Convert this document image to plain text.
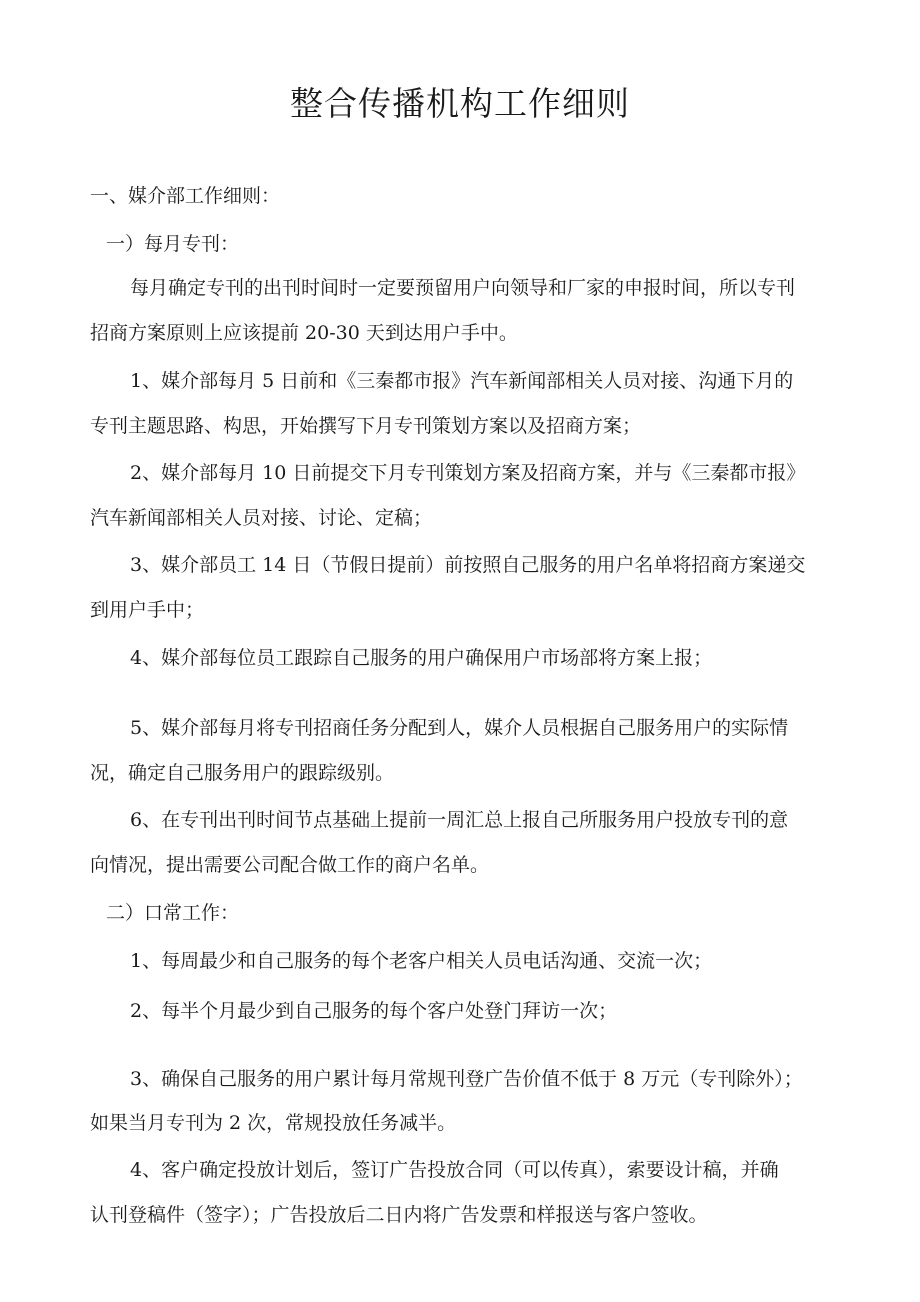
整合传播机构工作细则

一、媒介部工作细则：

一）每月专刊：

每月确定专刊的出刊时间时一定要预留用户向领导和厂家的申报时间，所以专刊

招商方案原则上应该提前 20-30 天到达用户手中。

1、媒介部每月 5 日前和《三秦都市报》汽车新闻部相关人员对接、沟通下月的

专刊主题思路、构思，开始撰写下月专刊策划方案以及招商方案；

2、媒介部每月 10 日前提交下月专刊策划方案及招商方案，并与《三秦都市报》

汽车新闻部相关人员对接、讨论、定稿；

3、媒介部员工 14 日（节假日提前）前按照自己服务的用户名单将招商方案递交

到用户手中；

4、媒介部每位员工跟踪自己服务的用户确保用户市场部将方案上报；

5、媒介部每月将专刊招商任务分配到人，媒介人员根据自己服务用户的实际情

况，确定自己服务用户的跟踪级别。

6、在专刊出刊时间节点基础上提前一周汇总上报自己所服务用户投放专刊的意

向情况，提出需要公司配合做工作的商户名单。

二）口常工作：

1、每周最少和自己服务的每个老客户相关人员电话沟通、交流一次；

2、每半个月最少到自己服务的每个客户处登门拜访一次；

3、确保自己服务的用户累计每月常规刊登广告价值不低于 8 万元（专刊除外）；

如果当月专刊为 2 次，常规投放任务减半。

4、客户确定投放计划后，签订广告投放合同（可以传真），索要设计稿，并确

认刊登稿件（签字）；广告投放后二日内将广告发票和样报送与客户签收。
